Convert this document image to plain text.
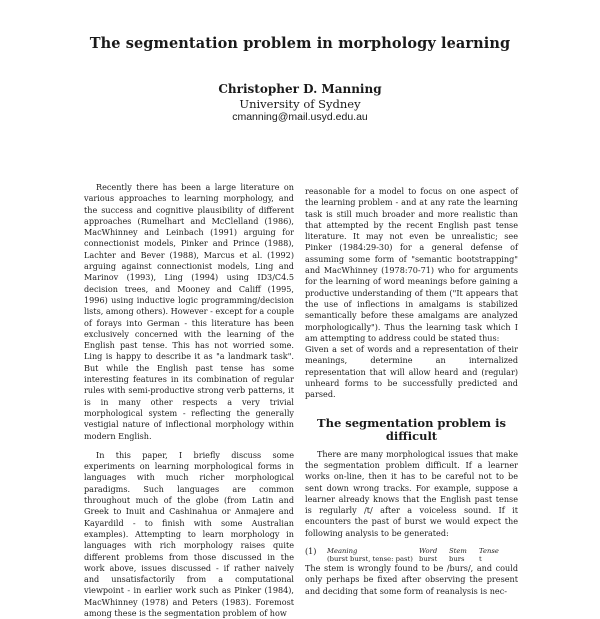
The segmentation problem in morphology learning
Christopher D. Manning
University of Sydney
cmanning@mail.usyd.edu.au

Recently there has been a large literature on various approaches to learning morphology, and the success and cognitive plausibility of different approaches (Rumelhart and McClelland (1986), MacWhinney and Leinbach (1991) arguing for connectionist models, Pinker and Prince (1988), Lachter and Bever (1988), Marcus et al. (1992) arguing against connectionist models, Ling and Marinov (1993), Ling (1994) using ID3/C4.5 decision trees, and Mooney and Califf (1995, 1996) using inductive logic programming/decision lists, among others). However - except for a couple of forays into German - this literature has been exclusively concerned with the learning of the English past tense. This has not worried some. Ling is happy to describe it as "a landmark task". But while the English past tense has some interesting features in its combination of regular rules with semi-productive strong verb patterns, it is in many other respects a very trivial morphological system - reflecting the generally vestigial nature of inflectional morphology within modern English.

In this paper, I briefly discuss some experiments on learning morphological forms in languages with much richer morphological paradigms. Such languages are common throughout much of the globe (from Latin and Greek to Inuit and Cashinahua or Anmajere and Kayardild - to finish with some Australian examples). Attempting to learn morphology in languages with rich morphology raises quite different problems from those discussed in the work above, issues discussed - if rather naively and unsatisfactorily from a computational viewpoint - in earlier work such as Pinker (1984), MacWhinney (1978) and Peters (1983). Foremost among these is the segmentation problem of how

reasonable for a model to focus on one aspect of the learning problem - and at any rate the learning task is still much broader and more realistic than that attempted by the recent English past tense literature. It may not even be unrealistic; see Pinker (1984:29-30) for a general defense of assuming some form of "semantic bootstrapping" and MacWhinney (1978:70-71) who for arguments for the learning of word meanings before gaining a productive understanding of them ("It appears that the use of inflections in amalgams is stabilized semantically before these amalgams are analyzed morphologically"). Thus the learning task which I am attempting to address could be stated thus:

Given a set of words and a representation of their meanings, determine an internalized representation that will allow heard and (regular) unheard forms to be successfully predicted and parsed.

The segmentation problem is difficult

There are many morphological issues that make the segmentation problem difficult. If a learner works on-line, then it has to be careful not to be sent down wrong tracks. For example, suppose a learner already knows that the English past tense is regularly /t/ after a voiceless sound. If it encounters the past of burst we would expect the following analysis to be generated:

(1)	Meaning
(burst burst, tense: past)
Word
burst
Stem
burs
Tense
t

The stem is wrongly found to be /burs/, and could only perhaps be fixed after observing the present and deciding that some form of reanalysis is nec-
